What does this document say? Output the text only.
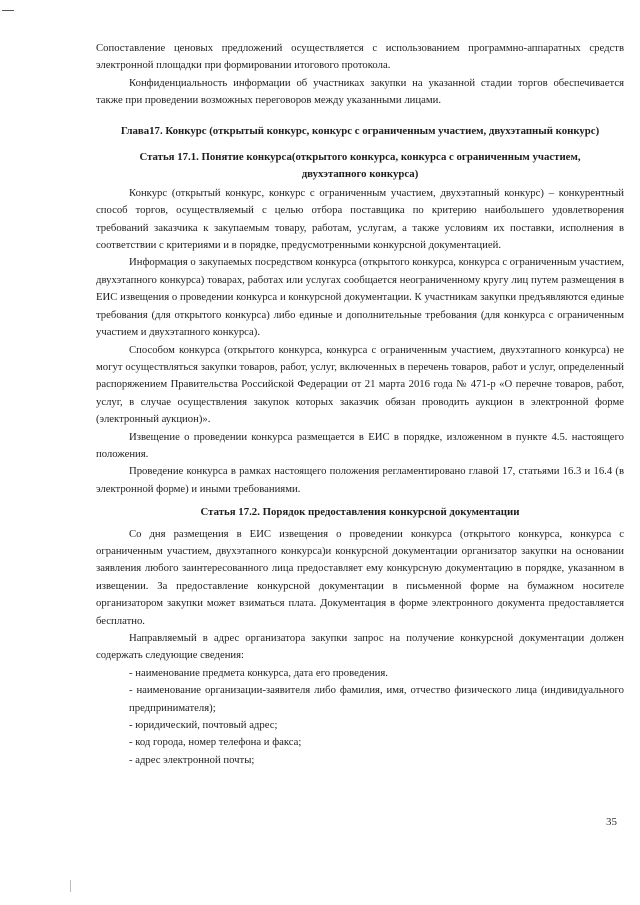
Сопоставление ценовых предложений осуществляется с использованием программно-аппаратных средств электронной площадки при формировании итогового протокола.

Конфиденциальность информации об участниках закупки на указанной стадии торгов обеспечивается также при проведении возможных переговоров между указанными лицами.

Глава17. Конкурс (открытый конкурс, конкурс с ограниченным участием, двухэтапный конкурс)
Статья 17.1. Понятие конкурса(открытого конкурса, конкурса с ограниченным участием, двухэтапного конкурса)

Конкурс (открытый конкурс, конкурс с ограниченным участием, двухэтапный конкурс) – конкурентный способ торгов, осуществляемый с целью отбора поставщика по критерию наибольшего удовлетворения требований заказчика к закупаемым товару, работам, услугам, а также условиям их поставки, исполнения в соответствии с критериями и в порядке, предусмотренными конкурсной документацией.

Информация о закупаемых посредством конкурса (открытого конкурса, конкурса с ограниченным участием, двухэтапного конкурса) товарах, работах или услугах сообщается неограниченному кругу лиц путем размещения в ЕИС извещения о проведении конкурса и конкурсной документации. К участникам закупки предъявляются единые требования (для открытого конкурса) либо единые и дополнительные требования (для конкурса с ограниченным участием и двухэтапного конкурса).

Способом конкурса (открытого конкурса, конкурса с ограниченным участием, двухэтапного конкурса) не могут осуществляться закупки товаров, работ, услуг, включенных в перечень товаров, работ и услуг, определенный распоряжением Правительства Российской Федерации от 21 марта 2016 года № 471-р «О перечне товаров, работ, услуг, в случае осуществления закупок которых заказчик обязан проводить аукцион в электронной форме (электронный аукцион)».

Извещение о проведении конкурса размещается в ЕИС в порядке, изложенном в пункте 4.5. настоящего положения.

Проведение конкурса в рамках настоящего положения регламентировано главой 17, статьями 16.3 и 16.4 (в электронной форме) и иными требованиями.

Статья 17.2. Порядок предоставления конкурсной документации

Со дня размещения в ЕИС извещения о проведении конкурса (открытого конкурса, конкурса с ограниченным участием, двухэтапного конкурса)и конкурсной документации организатор закупки на основании заявления любого заинтересованного лица предоставляет ему конкурсную документацию в порядке, указанном в извещении. За предоставление конкурсной документации в письменной форме на бумажном носителе организатором закупки может взиматься плата. Документация в форме электронного документа предоставляется бесплатно.

Направляемый в адрес организатора закупки запрос на получение конкурсной документации должен содержать следующие сведения:

- наименование предмета конкурса, дата его проведения.
- наименование организации-заявителя либо фамилия, имя, отчество физического лица (индивидуального предпринимателя);
- юридический, почтовый адрес;
- код города, номер телефона и факса;
- адрес электронной почты;
35
